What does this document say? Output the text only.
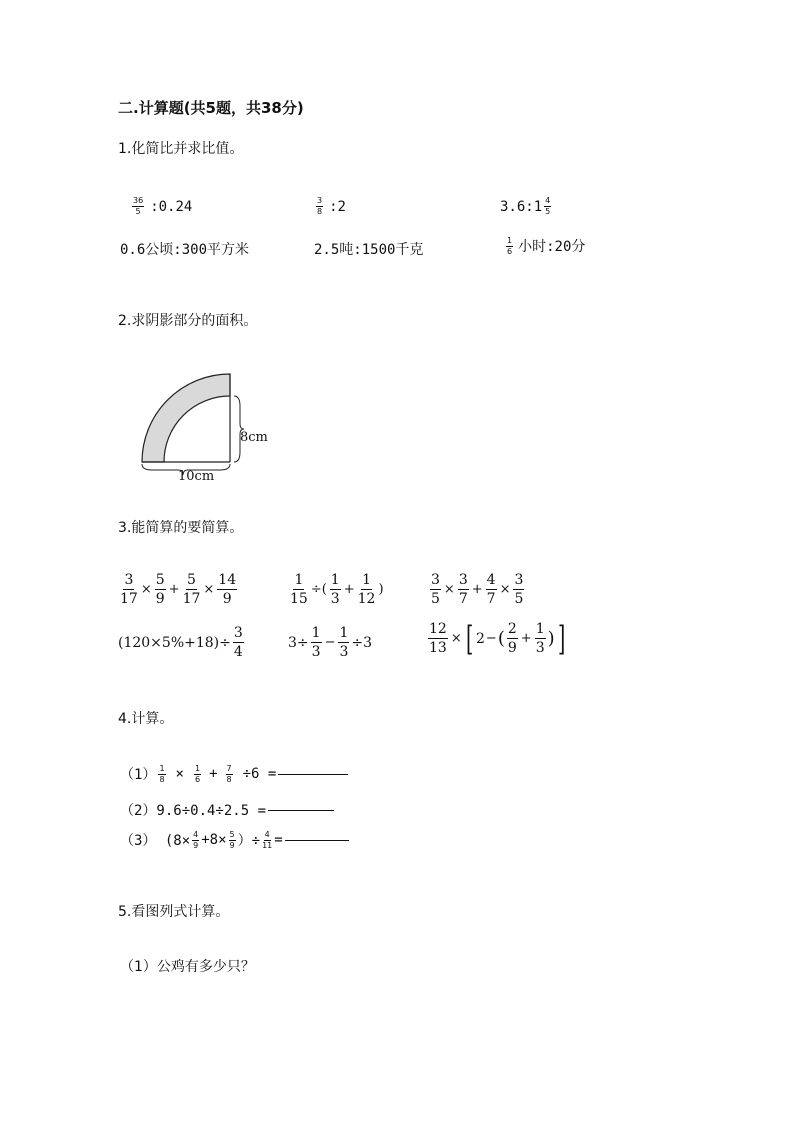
二.计算题(共5题，共38分)
1.化简比并求比值。
$\frac{36}{5}$ :0.24	$\frac{3}{8}$ :2	3.6:1 $\frac{4}{5}$
0.6公顷:300平方米	2.5吨:1500千克	$\frac{1}{6}$ 小时:20分
2.求阴影部分的面积。
8cm
10cm
3.能简算的要简算。
$\frac{3}{17} \times \frac{5}{9} + \frac{5}{17} \times \frac{14}{9}$	$\frac{1}{15}$ ÷( $\frac{1}{3} + \frac{1}{12}$ )	$\frac{3}{5} \times \frac{3}{7} + \frac{4}{7} \times \frac{3}{5}$
$(120\times 5\%+18)\div \frac{3}{4}$	$3\div \frac{1}{3} - \frac{1}{3} \div 3$	$\frac{12}{13}$ × [ 2 − ( $\frac{2}{9} + \frac{1}{3}$ ) ]
4.计算。
$(1) \frac{1}{8} \times \frac{1}{6} + \frac{7}{8} \div 6$ =
（2）9.6÷0.4÷2.5 =
（3） ($8\times \frac{4}{9} +8\times \frac{5}{9}$ ）÷ $\frac{4}{11}$ =
5.看图列式计算。
（1）公鸡有多少只？
